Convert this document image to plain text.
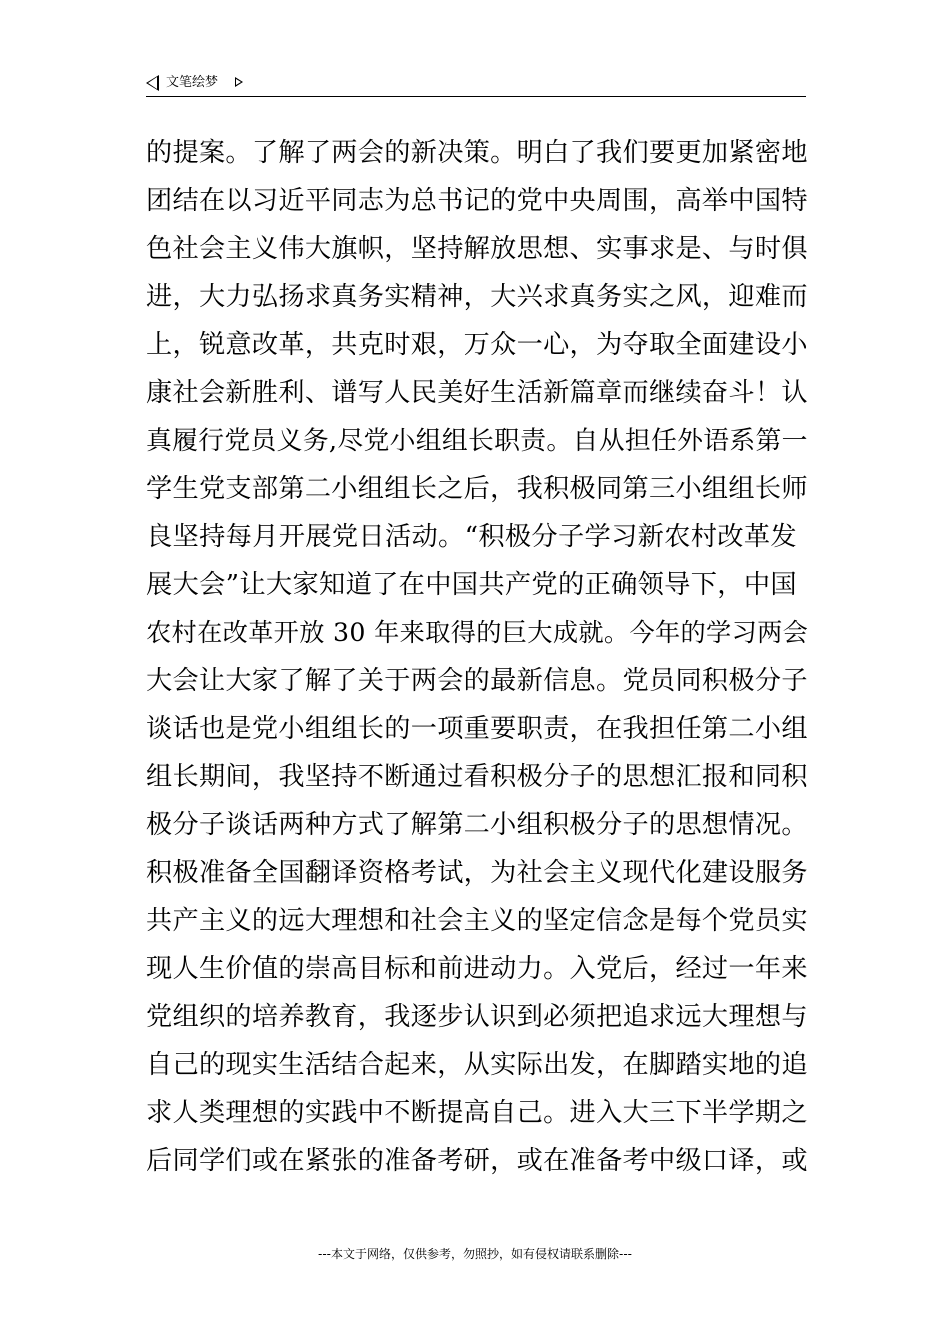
文笔绘梦
的提案。了解了两会的新决策。明白了我们要更加紧密地
团结在以习近平同志为总书记的党中央周围，高举中国特
色社会主义伟大旗帜，坚持解放思想、实事求是、与时俱
进，大力弘扬求真务实精神，大兴求真务实之风，迎难而
上，锐意改革，共克时艰，万众一心，为夺取全面建设小
康社会新胜利、谱写人民美好生活新篇章而继续奋斗！认
真履行党员义务,尽党小组组长职责。自从担任外语系第一
学生党支部第二小组组长之后，我积极同第三小组组长师
良坚持每月开展党日活动。“积极分子学习新农村改革发
展大会”让大家知道了在中国共产党的正确领导下，中国
农村在改革开放 30 年来取得的巨大成就。今年的学习两会
大会让大家了解了关于两会的最新信息。党员同积极分子
谈话也是党小组组长的一项重要职责，在我担任第二小组
组长期间，我坚持不断通过看积极分子的思想汇报和同积
极分子谈话两种方式了解第二小组积极分子的思想情况。
积极准备全国翻译资格考试，为社会主义现代化建设服务
共产主义的远大理想和社会主义的坚定信念是每个党员实
现人生价值的崇高目标和前进动力。入党后，经过一年来
党组织的培养教育，我逐步认识到必须把追求远大理想与
自己的现实生活结合起来，从实际出发，在脚踏实地的追
求人类理想的实践中不断提高自己。进入大三下半学期之
后同学们或在紧张的准备考研，或在准备考中级口译，或
---本文于网络，仅供参考，勿照抄，如有侵权请联系删除---
